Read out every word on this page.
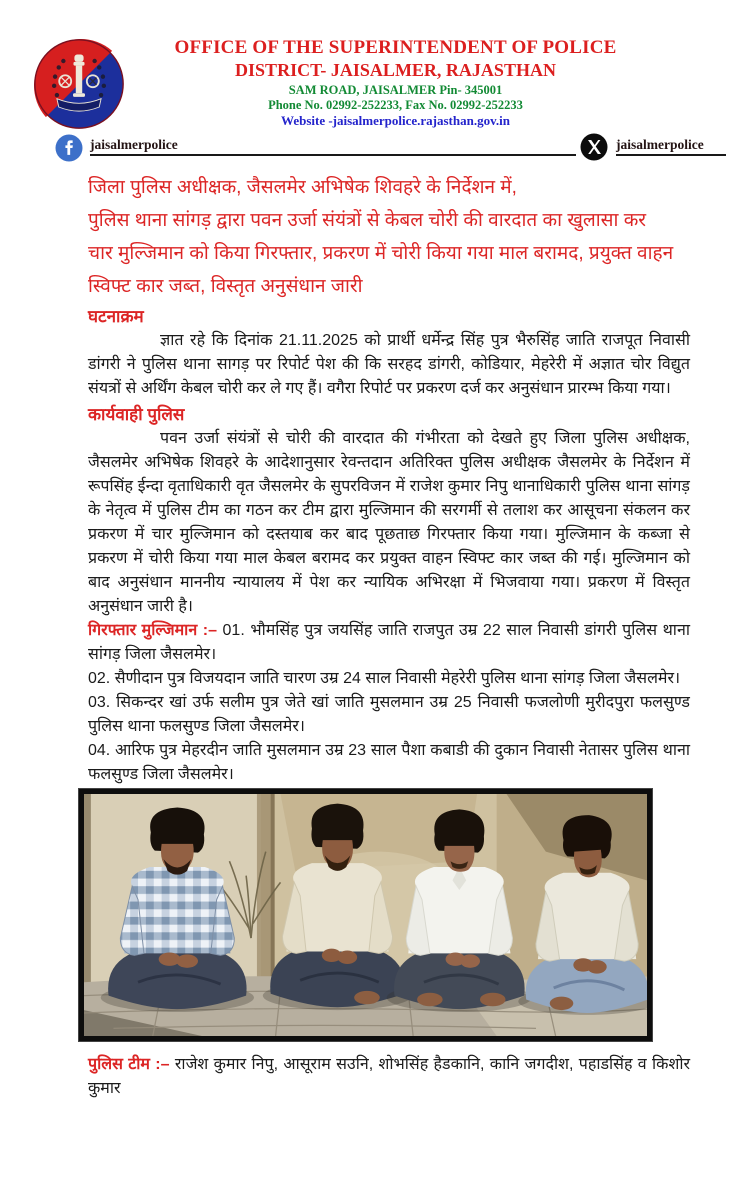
OFFICE OF THE SUPERINTENDENT OF POLICE
DISTRICT- JAISALMER, RAJASTHAN
SAM ROAD, JAISALMER Pin- 345001
Phone No. 02992-252233, Fax No. 02992-252233
Website -jaisalmerpolice.rajasthan.gov.in
jaisalmerpolice	jaisalmerpolice
जिला पुलिस अधीक्षक, जैसलमेर अभिषेक शिवहरे के निर्देशन में,
पुलिस थाना सांगड़ द्वारा पवन उर्जा संयंत्रों से केबल चोरी की वारदात का खुलासा कर
चार मुल्जिमान को किया गिरफ्तार, प्रकरण में चोरी किया गया माल बरामद, प्रयुक्त वाहन
स्विफ्ट कार जब्त, विस्तृत अनुसंधान जारी
घटनाक्रम
ज्ञात रहे कि दिनांक 21.11.2025 को प्रार्थी धर्मेन्द्र सिंह पुत्र भैरुसिंह जाति राजपूत निवासी डांगरी ने पुलिस थाना सागड़ पर रिपोर्ट पेश की कि सरहद डांगरी, कोडियार, मेहरेरी में अज्ञात चोर विद्युत संयत्रों से अर्थिंग केबल चोरी कर ले गए हैं। वगैरा रिपोर्ट पर प्रकरण दर्ज कर अनुसंधान प्रारम्भ किया गया।
कार्यवाही पुलिस
पवन उर्जा संयंत्रों से चोरी की वारदात की गंभीरता को देखते हुए जिला पुलिस अधीक्षक, जैसलमेर अभिषेक शिवहरे के आदेशानुसार रेवन्तदान अतिरिक्त पुलिस अधीक्षक जैसलमेर के निर्देशन में रूपसिंह ईन्दा वृताधिकारी वृत जैसलमेर के सुपरविजन में राजेश कुमार निपु थानाधिकारी पुलिस थाना सांगड़ के नेतृत्व में पुलिस टीम का गठन कर टीम द्वारा मुल्जिमान की सरगर्मी से तलाश कर आसूचना संकलन कर प्रकरण में चार मुल्जिमान को दस्तयाब कर बाद पूछताछ गिरफ्तार किया गया। मुल्जिमान के कब्जा से प्रकरण में चोरी किया गया माल केबल बरामद कर प्रयुक्त वाहन स्विफ्ट कार जब्त की गई। मुल्जिमान को बाद अनुसंधान माननीय न्यायालय में पेश कर न्यायिक अभिरक्षा में भिजवाया गया। प्रकरण में विस्तृत अनुसंधान जारी है।
गिरफ्तार मुल्जिमान :– 01. भौमसिंह पुत्र जयसिंह जाति राजपुत उम्र 22 साल निवासी डांगरी पुलिस थाना सांगड़ जिला जैसलमेर।
02. सैणीदान पुत्र विजयदान जाति चारण उम्र 24 साल निवासी मेहरेरी पुलिस थाना सांगड़ जिला जैसलमेर।
03. सिकन्दर खां उर्फ सलीम पुत्र जेते खां जाति मुसलमान उम्र 25 निवासी फजलोणी मुरीदपुरा फलसुण्ड पुलिस थाना फलसुण्ड जिला जैसलमेर।
04. आरिफ पुत्र मेहरदीन जाति मुसलमान उम्र 23 साल पैशा कबाडी की दुकान निवासी नेतासर पुलिस थाना फलसुण्ड जिला जैसलमेर।
पुलिस टीम :– राजेश कुमार निपु, आसूराम सउनि, शोभसिंह हैडकानि, कानि जगदीश, पहाडसिंह व किशोर कुमार
